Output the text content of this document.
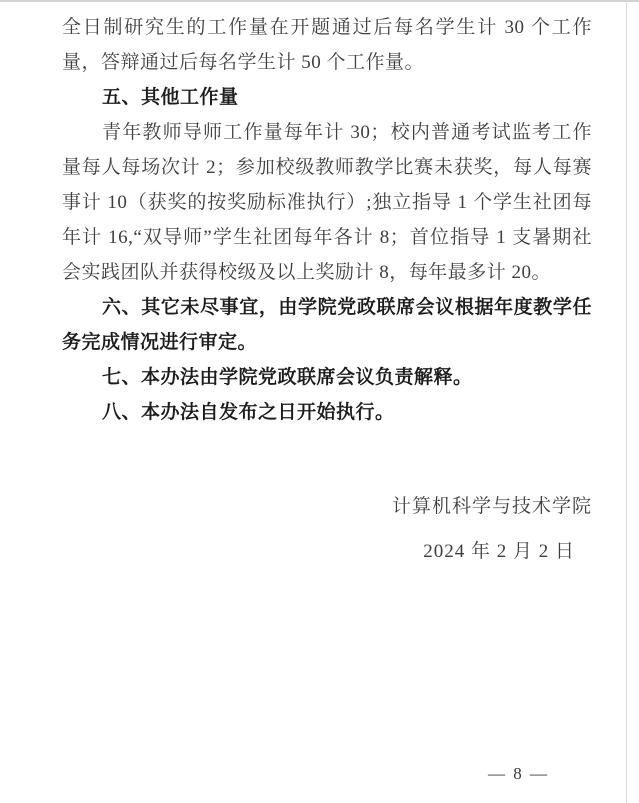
全日制研究生的工作量在开题通过后每名学生计 30 个工作量，答辩通过后每名学生计 50 个工作量。

五、其他工作量

青年教师导师工作量每年计 30；校内普通考试监考工作量每人每场次计 2；参加校级教师教学比赛未获奖，每人每赛事计 10（获奖的按奖励标准执行）;独立指导 1 个学生社团每年计 16,“双导师”学生社团每年各计 8；首位指导 1 支暑期社会实践团队并获得校级及以上奖励计 8，每年最多计 20。

六、其它未尽事宜，由学院党政联席会议根据年度教学任务完成情况进行审定。

七、本办法由学院党政联席会议负责解释。

八、本办法自发布之日开始执行。

计算机科学与技术学院
2024 年 2 月 2 日
— 8 —
